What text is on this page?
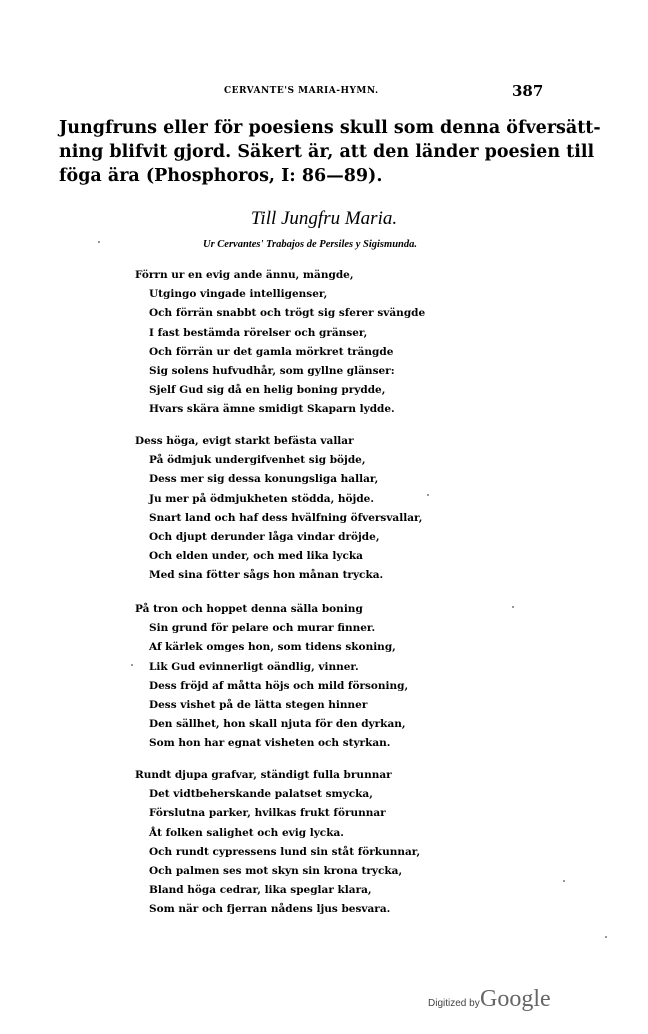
CERVANTE'S MARIA-HYMN.	387
Jungfruns eller för poesiens skull som denna öfversätt-
ning blifvit gjord. Säkert är, att den länder poesien till
föga ära (Phosphoros, I: 86—89).
Till Jungfru Maria.
Ur Cervantes' Trabajos de Persiles y Sigismunda.
Förrn ur en evig ande ännu, mängde,
Utgingo vingade intelligenser,
Och förrän snabbt och trögt sig sferer svängde
I fast bestämda rörelser och gränser,
Och förrän ur det gamla mörkret trängde
Sig solens hufvudhår, som gyllne glänser:
Sjelf Gud sig då en helig boning prydde,
Hvars skära ämne smidigt Skaparn lydde.
Dess höga, evigt starkt befästa vallar
På ödmjuk undergifvenhet sig böjde,
Dess mer sig dessa konungsliga hallar,
Ju mer på ödmjukheten stödda, höjde.
Snart land och haf dess hvälfning öfversvallar,
Och djupt derunder låga vindar dröjde,
Och elden under, och med lika lycka
Med sina fötter sågs hon månan trycka.
På tron och hoppet denna sälla boning
Sin grund för pelare och murar finner.
Af kärlek omges hon, som tidens skoning,
Lik Gud evinnerligt oändlig, vinner.
Dess fröjd af måtta höjs och mild försoning,
Dess vishet på de lätta stegen hinner
Den sällhet, hon skall njuta för den dyrkan,
Som hon har egnat visheten och styrkan.
Rundt djupa grafvar, ständigt fulla brunnar
Det vidtbeherskande palatset smycka,
Förslutna parker, hvilkas frukt förunnar
Åt folken salighet och evig lycka.
Och rundt cypressens lund sin ståt förkunnar,
Och palmen ses mot skyn sin krona trycka,
Bland höga cedrar, lika speglar klara,
Som när och fjerran nådens ljus besvara.
Digitized by Google
